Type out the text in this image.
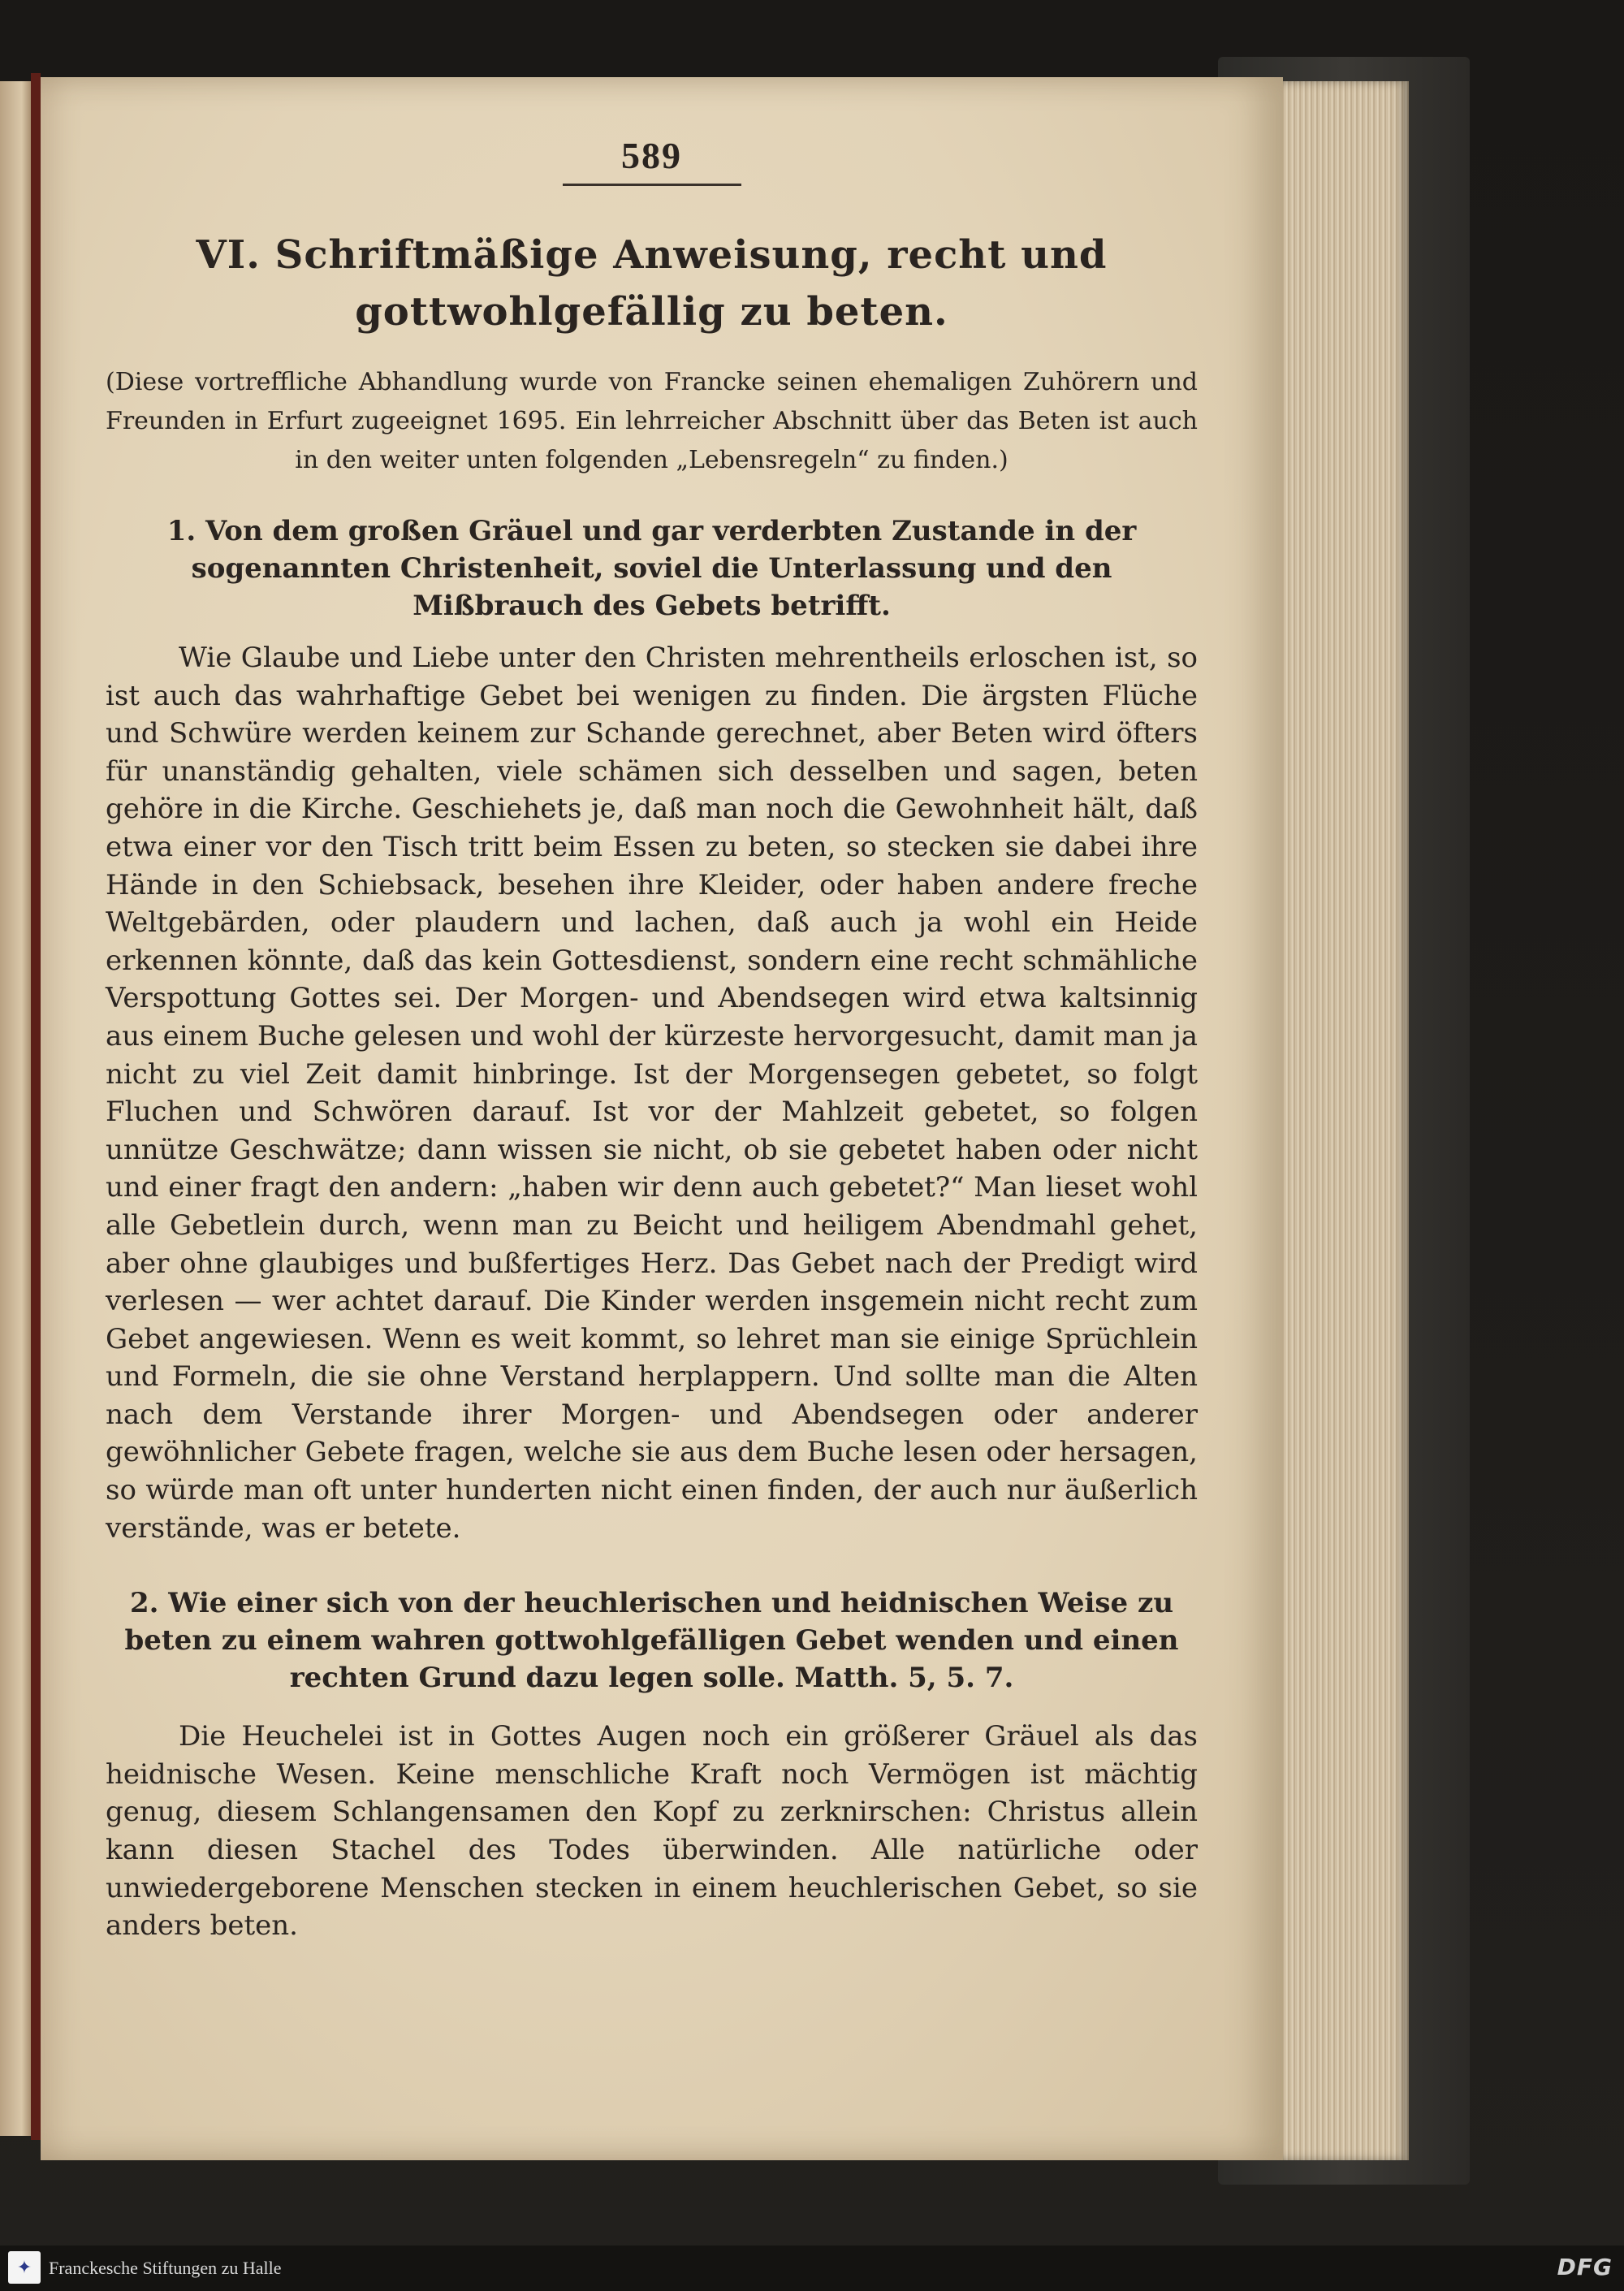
589

VI. Schriftmäßige Anweisung, recht und gottwohlgefällig zu beten.

(Diese vortreffliche Abhandlung wurde von Francke seinen ehemaligen Zuhörern und Freunden in Erfurt zugeeignet 1695. Ein lehrreicher Abschnitt über das Beten ist auch in den weiter unten folgenden „Lebensregeln“ zu finden.)

1. Von dem großen Gräuel und gar verderbten Zustande in der sogenannten Christenheit, soviel die Unterlassung und den Mißbrauch des Gebets betrifft.

Wie Glaube und Liebe unter den Christen mehrentheils erloschen ist, so ist auch das wahrhaftige Gebet bei wenigen zu finden. Die ärgsten Flüche und Schwüre werden keinem zur Schande gerechnet, aber Beten wird öfters für unanständig gehalten, viele schämen sich desselben und sagen, beten gehöre in die Kirche. Geschiehets je, daß man noch die Gewohnheit hält, daß etwa einer vor den Tisch tritt beim Essen zu beten, so stecken sie dabei ihre Hände in den Schiebsack, besehen ihre Kleider, oder haben andere freche Weltgebärden, oder plaudern und lachen, daß auch ja wohl ein Heide erkennen könnte, daß das kein Gottesdienst, sondern eine recht schmähliche Verspottung Gottes sei. Der Morgen- und Abendsegen wird etwa kaltsinnig aus einem Buche gelesen und wohl der kürzeste hervorgesucht, damit man ja nicht zu viel Zeit damit hinbringe. Ist der Morgensegen gebetet, so folgt Fluchen und Schwören darauf. Ist vor der Mahlzeit gebetet, so folgen unnütze Geschwätze; dann wissen sie nicht, ob sie gebetet haben oder nicht und einer fragt den andern: „haben wir denn auch gebetet?“ Man lieset wohl alle Gebetlein durch, wenn man zu Beicht und heiligem Abendmahl gehet, aber ohne glaubiges und bußfertiges Herz. Das Gebet nach der Predigt wird verlesen — wer achtet darauf. Die Kinder werden insgemein nicht recht zum Gebet angewiesen. Wenn es weit kommt, so lehret man sie einige Sprüchlein und Formeln, die sie ohne Verstand herplappern. Und sollte man die Alten nach dem Verstande ihrer Morgen- und Abendsegen oder anderer gewöhnlicher Gebete fragen, welche sie aus dem Buche lesen oder hersagen, so würde man oft unter hunderten nicht einen finden, der auch nur äußerlich verstände, was er betete.

2. Wie einer sich von der heuchlerischen und heidnischen Weise zu beten zu einem wahren gottwohlgefälligen Gebet wenden und einen rechten Grund dazu legen solle. Matth. 5, 5. 7.

Die Heuchelei ist in Gottes Augen noch ein größerer Gräuel als das heidnische Wesen. Keine menschliche Kraft noch Vermögen ist mächtig genug, diesem Schlangensamen den Kopf zu zerknirschen: Christus allein kann diesen Stachel des Todes überwinden. Alle natürliche oder unwiedergeborene Menschen stecken in einem heuchlerischen Gebet, so sie anders beten.

✦ Franckesche Stiftungen zu Halle	DFG
